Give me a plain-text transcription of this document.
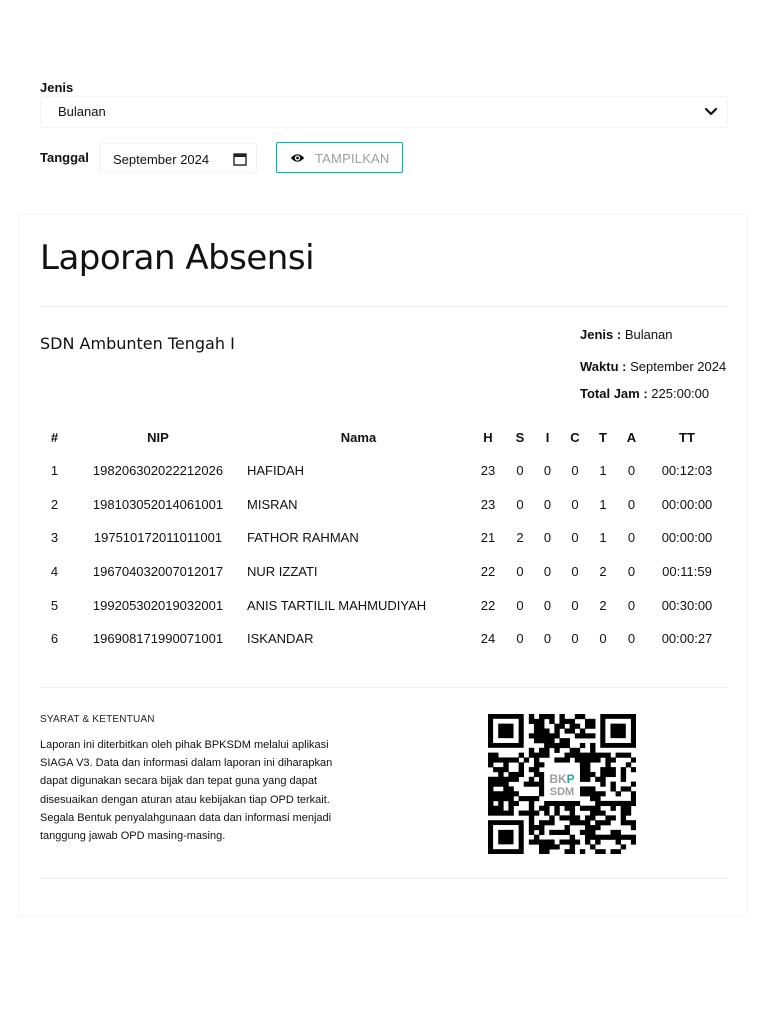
Jenis
Bulanan
Tanggal September 2024	TAMPILKAN
Laporan Absensi
SDN Ambunten Tengah I	Jenis : Bulanan
Waktu : September 2024
Total Jam : 225:00:00
#	NIP	Nama	H	S	I	C	T	A	TT
1	198206302022212026	HAFIDAH	23	0	0	0	1	0	00:12:03
2	198103052014061001	MISRAN	23	0	0	0	1	0	00:00:00
3	197510172011011001	FATHOR RAHMAN	21	2	0	0	1	0	00:00:00
4	196704032007012017	NUR IZZATI	22	0	0	0	2	0	00:11:59
5	199205302019032001	ANIS TARTILIL MAHMUDIYAH	22	0	0	0	2	0	00:30:00
6	196908171990071001	ISKANDAR	24	0	0	0	0	0	00:00:27
SYARAT & KETENTUAN
Laporan ini diterbitkan oleh pihak BPKSDM melalui aplikasi
SIAGA V3. Data dan informasi dalam laporan ini diharapkan
dapat digunakan secara bijak dan tepat guna yang dapat
disesuaikan dengan aturan atau kebijakan tiap OPD terkait.
Segala Bentuk penyalahgunaan data dan informasi menjadi
tanggung jawab OPD masing-masing.
BKP
SDM
